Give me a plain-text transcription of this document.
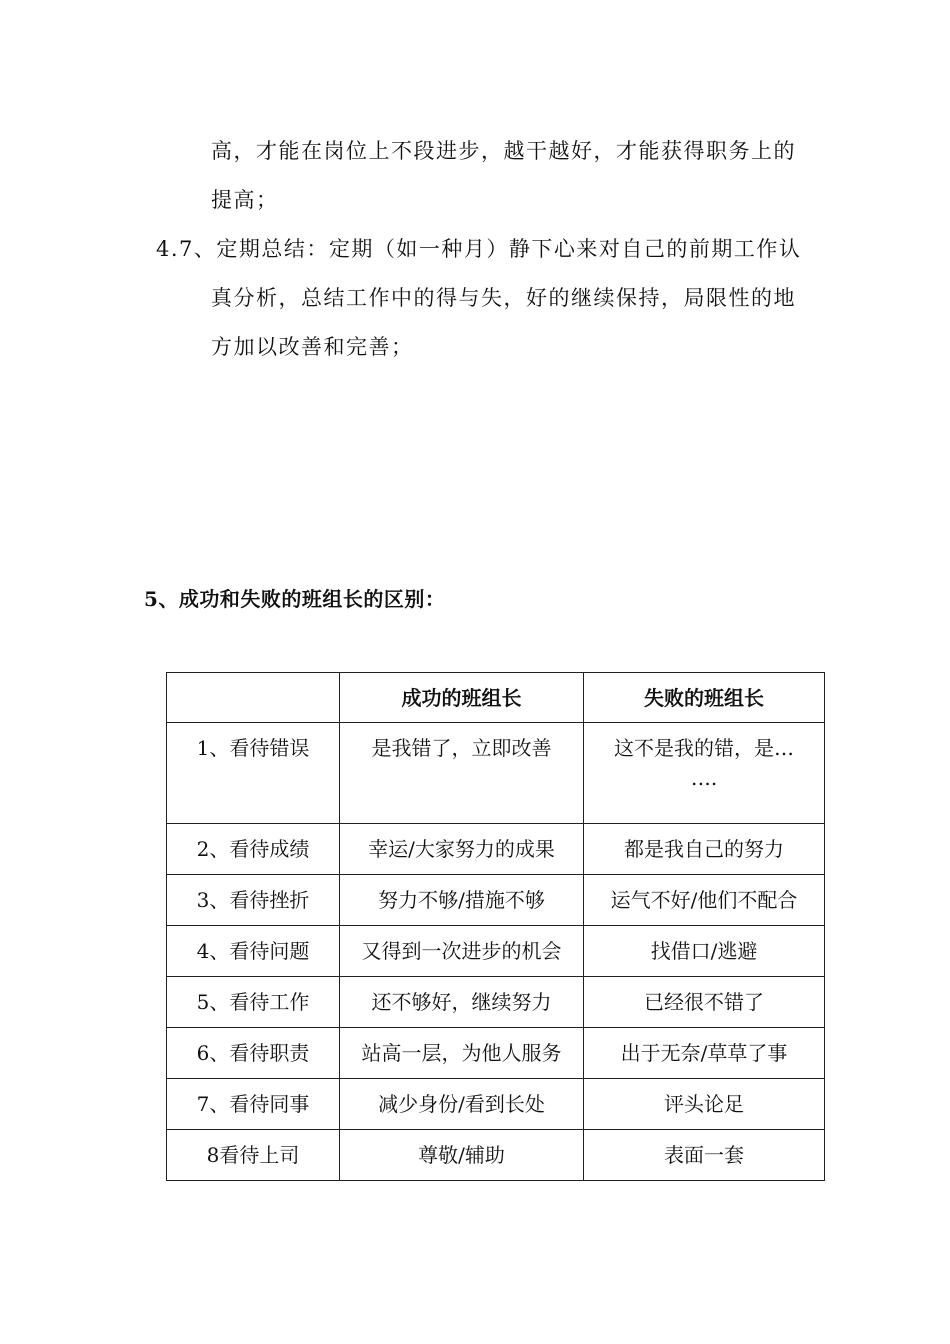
高，才能在岗位上不段进步，越干越好，才能获得职务上的
提高；
4.7、定期总结：定期（如一种月）静下心来对自己的前期工作认
真分析，总结工作中的得与失，好的继续保持，局限性的地
方加以改善和完善；
5、成功和失败的班组长的区别：
	成功的班组长	失败的班组长
1、看待错误	是我错了，立即改善	这不是我的错，是…
….

2、看待成绩	幸运/大家努力的成果	都是我自己的努力
3、看待挫折	努力不够/措施不够	运气不好/他们不配合
4、看待问题	又得到一次进步的机会	找借口/逃避
5、看待工作	还不够好，继续努力	已经很不错了
6、看待职责	站高一层，为他人服务	出于无奈/草草了事
7、看待同事	减少身份/看到长处	评头论足
8看待上司	尊敬/辅助	表面一套
